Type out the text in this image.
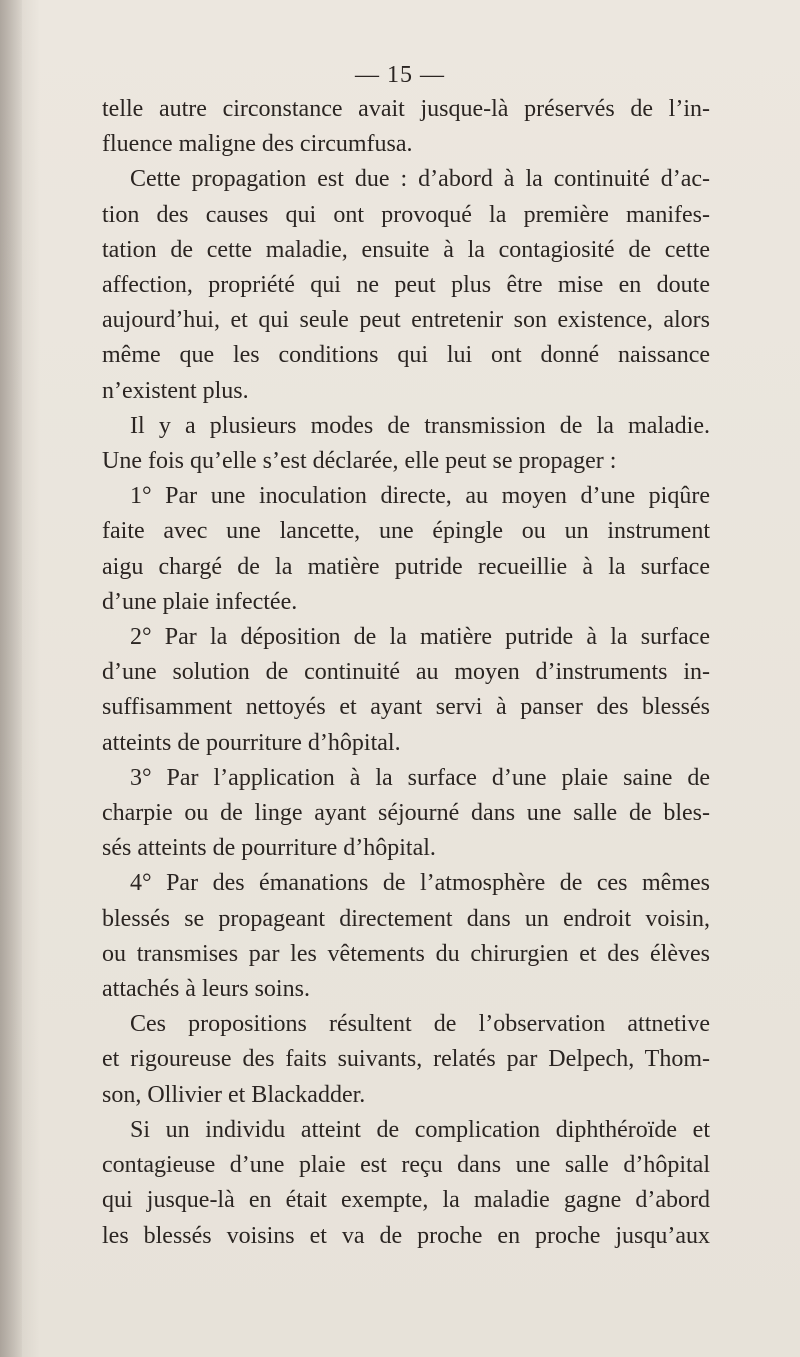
— 15 —
telle autre circonstance avait jusque-là préservés de l’in-
fluence maligne des circumfusa.
Cette propagation est due : d’abord à la continuité d’ac-
tion des causes qui ont provoqué la première manifes-
tation de cette maladie, ensuite à la contagiosité de cette
affection, propriété qui ne peut plus être mise en doute
aujourd’hui, et qui seule peut entretenir son existence, alors
même que les conditions qui lui ont donné naissance
n’existent plus.
Il y a plusieurs modes de transmission de la maladie.
Une fois qu’elle s’est déclarée, elle peut se propager :
1° Par une inoculation directe, au moyen d’une piqûre
faite avec une lancette, une épingle ou un instrument
aigu chargé de la matière putride recueillie à la surface
d’une plaie infectée.
2° Par la déposition de la matière putride à la surface
d’une solution de continuité au moyen d’instruments in-
suffisamment nettoyés et ayant servi à panser des blessés
atteints de pourriture d’hôpital.
3° Par l’application à la surface d’une plaie saine de
charpie ou de linge ayant séjourné dans une salle de bles-
sés atteints de pourriture d’hôpital.
4° Par des émanations de l’atmosphère de ces mêmes
blessés se propageant directement dans un endroit voisin,
ou transmises par les vêtements du chirurgien et des élèves
attachés à leurs soins.
Ces propositions résultent de l’observation attnetive
et rigoureuse des faits suivants, relatés par Delpech, Thom-
son, Ollivier et Blackadder.
Si un individu atteint de complication diphthéroïde et
contagieuse d’une plaie est reçu dans une salle d’hôpital
qui jusque-là en était exempte, la maladie gagne d’abord
les blessés voisins et va de proche en proche jusqu’aux
